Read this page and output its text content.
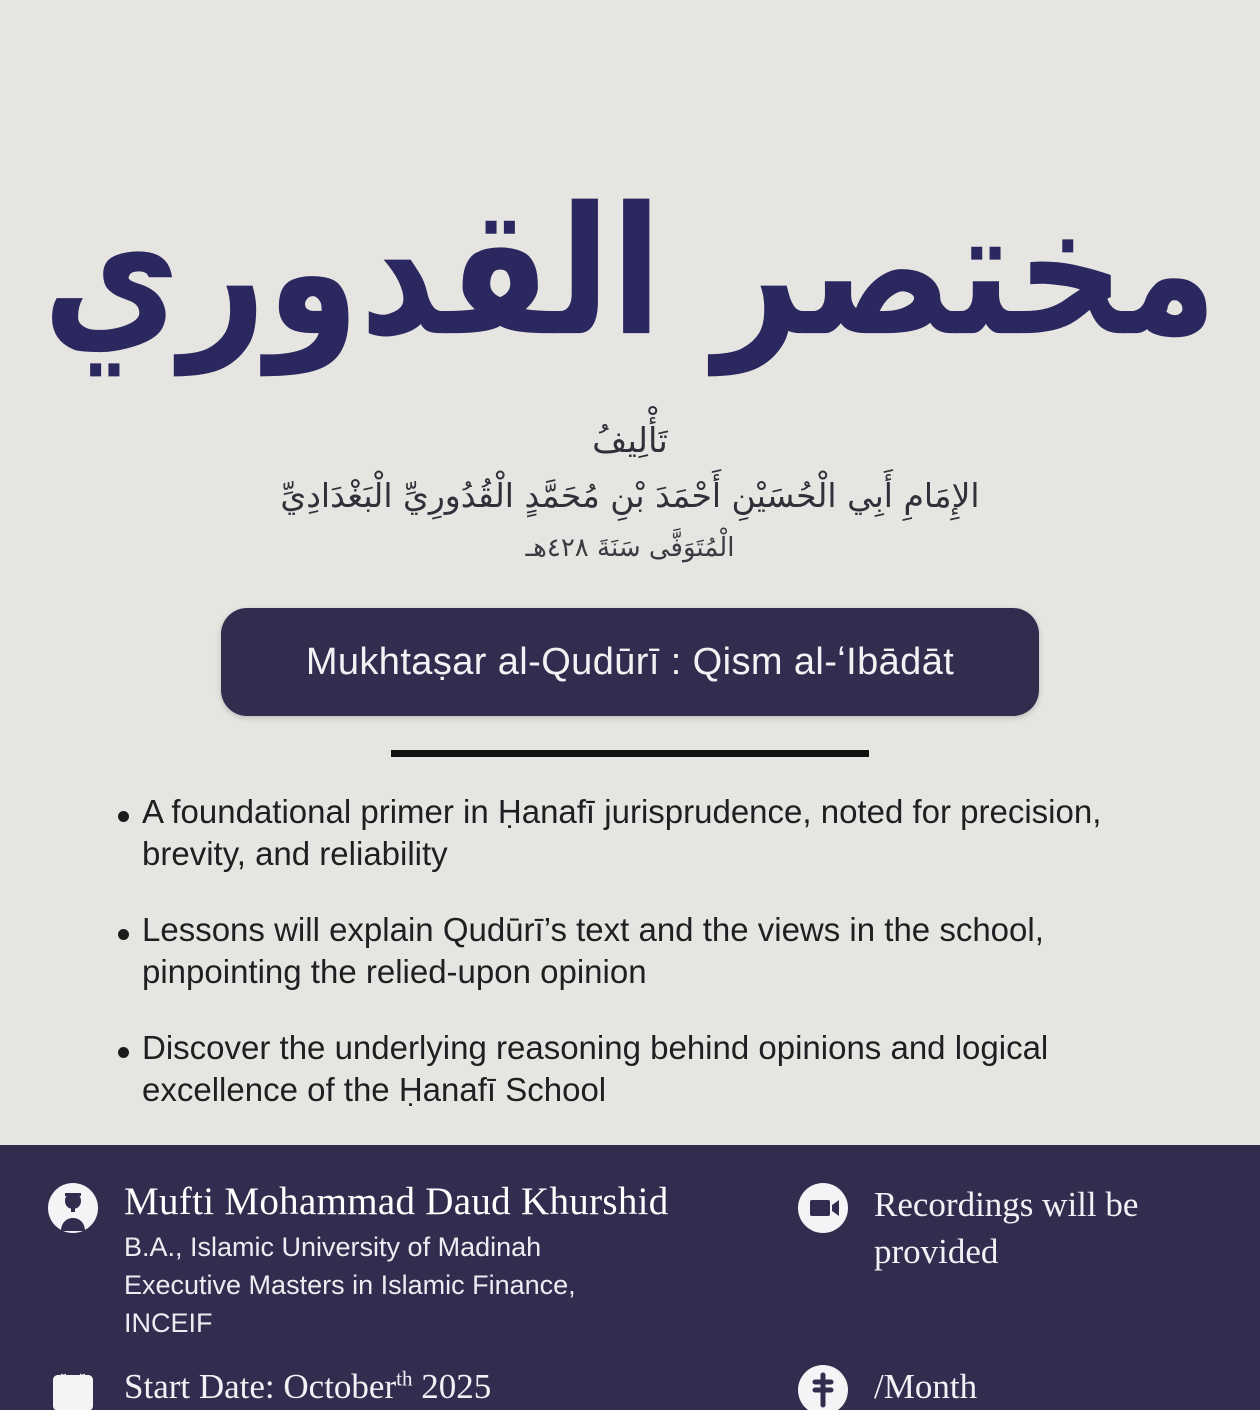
مختصر القدوري
تَأْلِيفُ
الإِمَامِ أَبِي الْحُسَيْنِ أَحْمَدَ بْنِ مُحَمَّدٍ الْقُدُورِيِّ الْبَغْدَادِيِّ
الْمُتَوَفَّى سَنَةَ ٤٢٨هـ
Mukhtaṣar al-Qudūrī : Qism al-ʻIbādāt
A foundational primer in Ḥanafī jurisprudence, noted for precision, brevity, and reliability
Lessons will explain Qudūrī’s text and the views in the school, pinpointing the relied-upon opinion
Discover the underlying reasoning behind opinions and logical excellence of the Ḥanafī School
Mufti Mohammad Daud Khurshid
B.A., Islamic University of Madinah
Executive Masters in Islamic Finance,
INCEIF
Recordings will be
provided
Start Date: October$^{th}$ 2025	/Month
